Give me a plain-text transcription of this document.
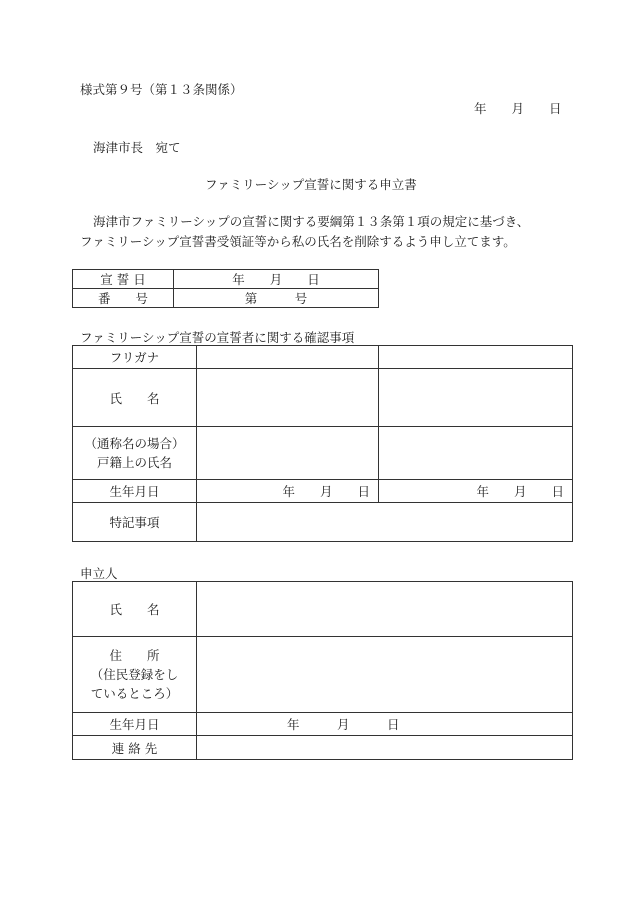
様式第９号（第１３条関係）
年　　月　　日
海津市長　宛て
ファミリーシップ宣誓に関する申立書
海津市ファミリーシップの宣誓に関する要綱第１３条第１項の規定に基づき、
ファミリーシップ宣誓書受領証等から私の氏名を削除するよう申し立てます。
宣 誓 日	年　　月　　日
番　　号	第　　　号
ファミリーシップ宣誓の宣誓者に関する確認事項
フリガナ		
氏　　名		

（通称名の場合）
戸籍上の氏名		

生年月日	年　　月　　日	年　　月　　日
特記事項		
申立人
氏　　名	

住　　所
（住民登録をし
ているところ）	

生年月日	年　　　月　　　日
連 絡 先	
